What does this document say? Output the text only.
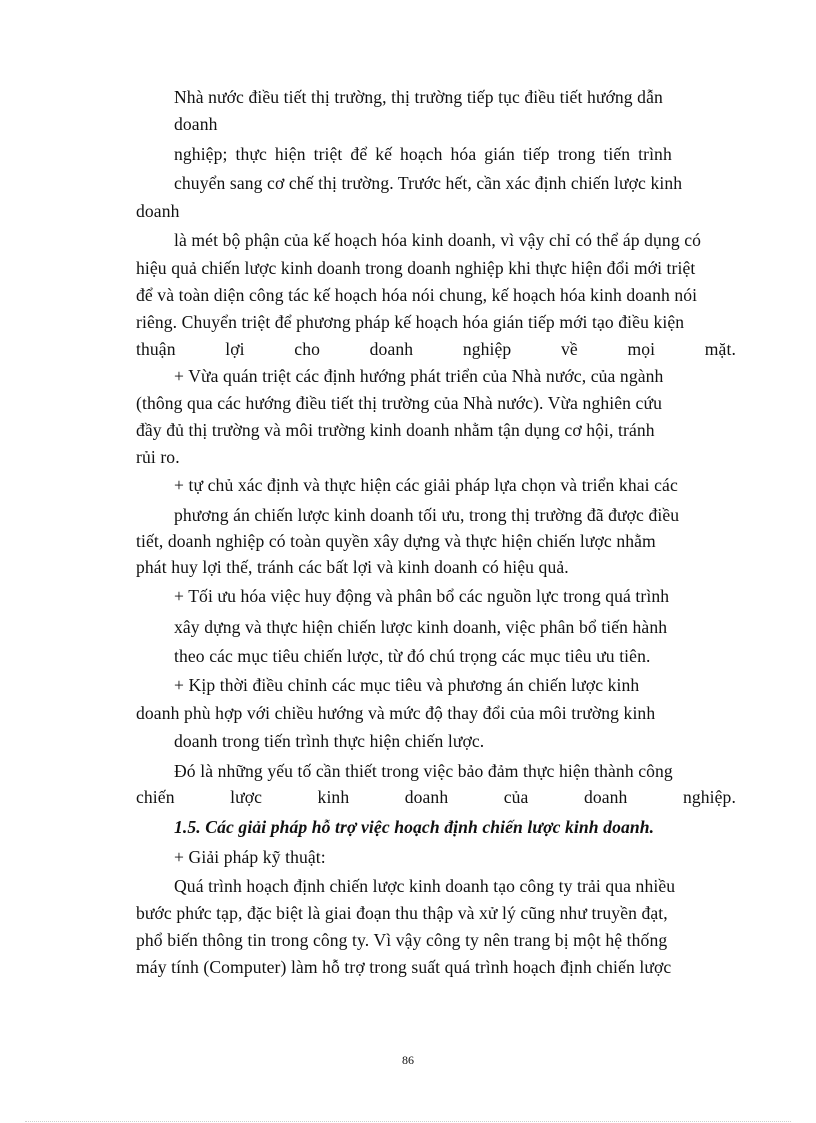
Nhà nước điều tiết thị trường, thị trường tiếp tục điều tiết hướng dẫn
doanh
nghiệp; thực hiện triệt để kế hoạch hóa gián tiếp trong tiến trình
chuyển sang cơ chế thị trường. Trước hết, cần xác định chiến lược kinh
doanh
là mét bộ phận của kế hoạch hóa kinh doanh, vì vậy chỉ có thể áp dụng có
hiệu quả chiến lược kinh doanh trong doanh nghiệp khi thực hiện đổi mới triệt
để và toàn diện công tác kế hoạch hóa nói chung, kế hoạch hóa kinh doanh nói
riêng. Chuyển triệt để phương pháp kế hoạch hóa gián tiếp mới tạo điều kiện
thuận	lợi	cho	doanh	nghiệp	về	mọi	mặt.
+ Vừa quán triệt các định hướng phát triển của Nhà nước, của ngành
(thông qua các hướng điều tiết thị trường của Nhà nước). Vừa nghiên cứu
đầy đủ thị trường và môi trường kinh doanh nhằm tận dụng cơ hội, tránh
rủi ro.
+ tự chủ xác định và thực hiện các giải pháp lựa chọn và triển khai các
phương án chiến lược kinh doanh tối ưu, trong thị trường đã được điều
tiết, doanh nghiệp có toàn quyền xây dựng và thực hiện chiến lược nhằm
phát huy lợi thế, tránh các bất lợi và kinh doanh có hiệu quả.
+ Tối ưu hóa việc huy động và phân bổ các nguồn lực trong quá trình
xây dựng và thực hiện chiến lược kinh doanh, việc phân bổ tiến hành
theo các mục tiêu chiến lược, từ đó chú trọng các mục tiêu ưu tiên.
+ Kịp thời điều chỉnh các mục tiêu và phương án chiến lược kinh
doanh phù hợp với chiều hướng và mức độ thay đổi của môi trường kinh
doanh trong tiến trình thực hiện chiến lược.
Đó là những yếu tố cần thiết trong việc bảo đảm thực hiện thành công
chiến	lược	kinh	doanh	của	doanh	nghiệp.
1.5. Các giải pháp hỗ trợ việc hoạch định chiến lược kinh doanh.
+ Giải pháp kỹ thuật:
Quá trình hoạch định chiến lược kinh doanh tạo công ty trải qua nhiều
bước phức tạp, đặc biệt là giai đoạn thu thập và xử lý cũng như truyền đạt,
phổ biến thông tin trong công ty. Vì vậy công ty nên trang bị một hệ thống
máy tính (Computer) làm hỗ trợ trong suất quá trình hoạch định chiến lược
86
